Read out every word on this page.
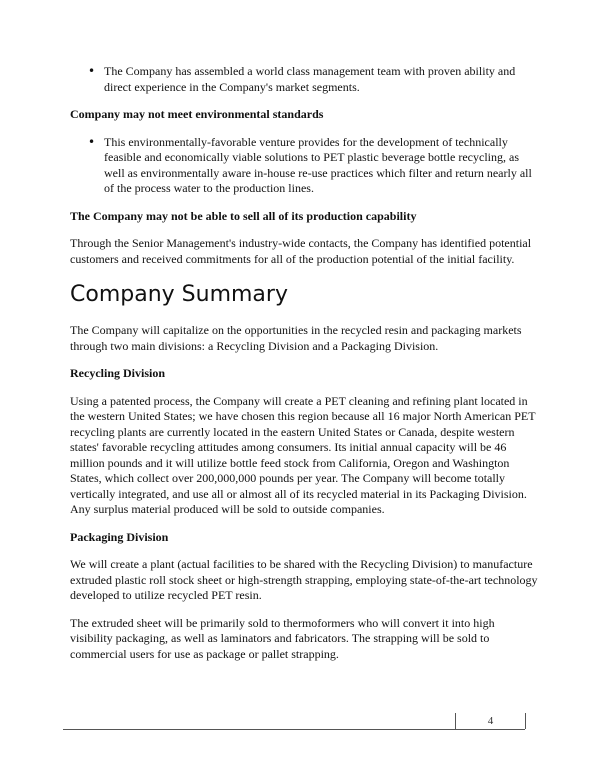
• The Company has assembled a world class management team with proven ability and direct experience in the Company's market segments.

Company may not meet environmental standards

• This environmentally-favorable venture provides for the development of technically feasible and economically viable solutions to PET plastic beverage bottle recycling, as well as environmentally aware in-house re-use practices which filter and return nearly all of the process water to the production lines.

The Company may not be able to sell all of its production capability

Through the Senior Management's industry-wide contacts, the Company has identified potential customers and received commitments for all of the production potential of the initial facility.

Company Summary

The Company will capitalize on the opportunities in the recycled resin and packaging markets through two main divisions: a Recycling Division and a Packaging Division.

Recycling Division

Using a patented process, the Company will create a PET cleaning and refining plant located in the western United States; we have chosen this region because all 16 major North American PET recycling plants are currently located in the eastern United States or Canada, despite western states' favorable recycling attitudes among consumers. Its initial annual capacity will be 46 million pounds and it will utilize bottle feed stock from California, Oregon and Washington States, which collect over 200,000,000 pounds per year. The Company will become totally vertically integrated, and use all or almost all of its recycled material in its Packaging Division. Any surplus material produced will be sold to outside companies.

Packaging Division

We will create a plant (actual facilities to be shared with the Recycling Division) to manufacture extruded plastic roll stock sheet or high-strength strapping, employing state-of-the-art technology developed to utilize recycled PET resin.

The extruded sheet will be primarily sold to thermoformers who will convert it into high visibility packaging, as well as laminators and fabricators. The strapping will be sold to commercial users for use as package or pallet strapping.

4
